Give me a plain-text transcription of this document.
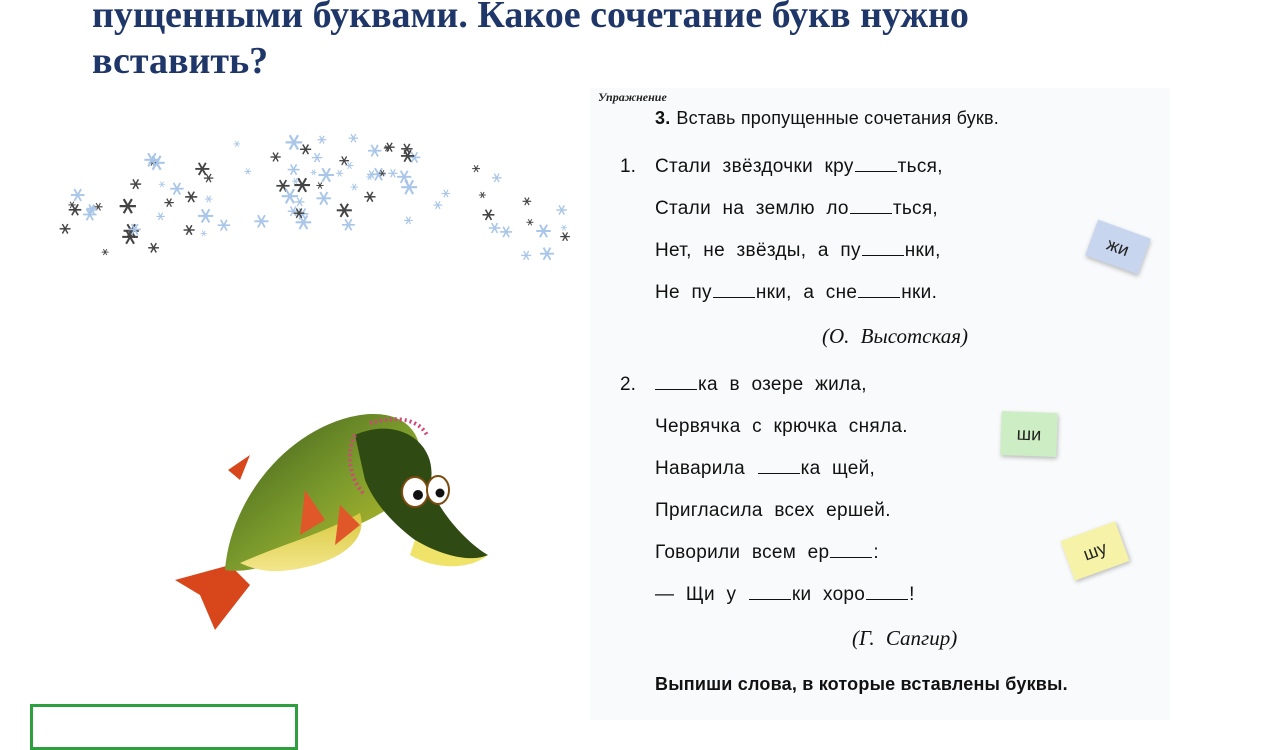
пущенными буквами. Какое сочетание букв нужно
вставить?
Упражнение
3. Вставь пропущенные сочетания букв.
1. Стали звёздочки кру ться,
Стали на землю ло ться,
Нет, не звёзды, а пу нки,
Не пу нки, а сне нки.
(О. Высотская)
2.	ка в озере жила,
Червячка с крючка сняла.
Наварила ка щей,
Пригласила всех ершей.
Говорили всем ер :
— Щи у ки хоро !
(Г. Сапгир)
Выпиши слова, в которые вставлены буквы.
жи
ши
шу
